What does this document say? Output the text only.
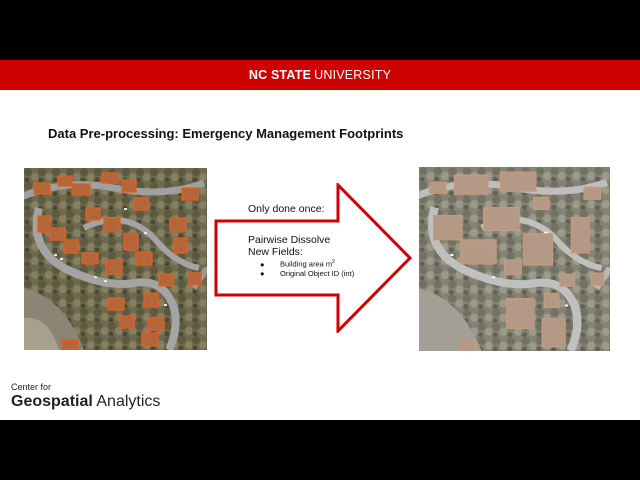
NC STATE UNIVERSITY
Data Pre-processing: Emergency Management Footprints
Only done once:
Pairwise Dissolve
New Fields:
● Building area $m^2$
● Original Object ID (int)
Center for
Geospatial Analytics
